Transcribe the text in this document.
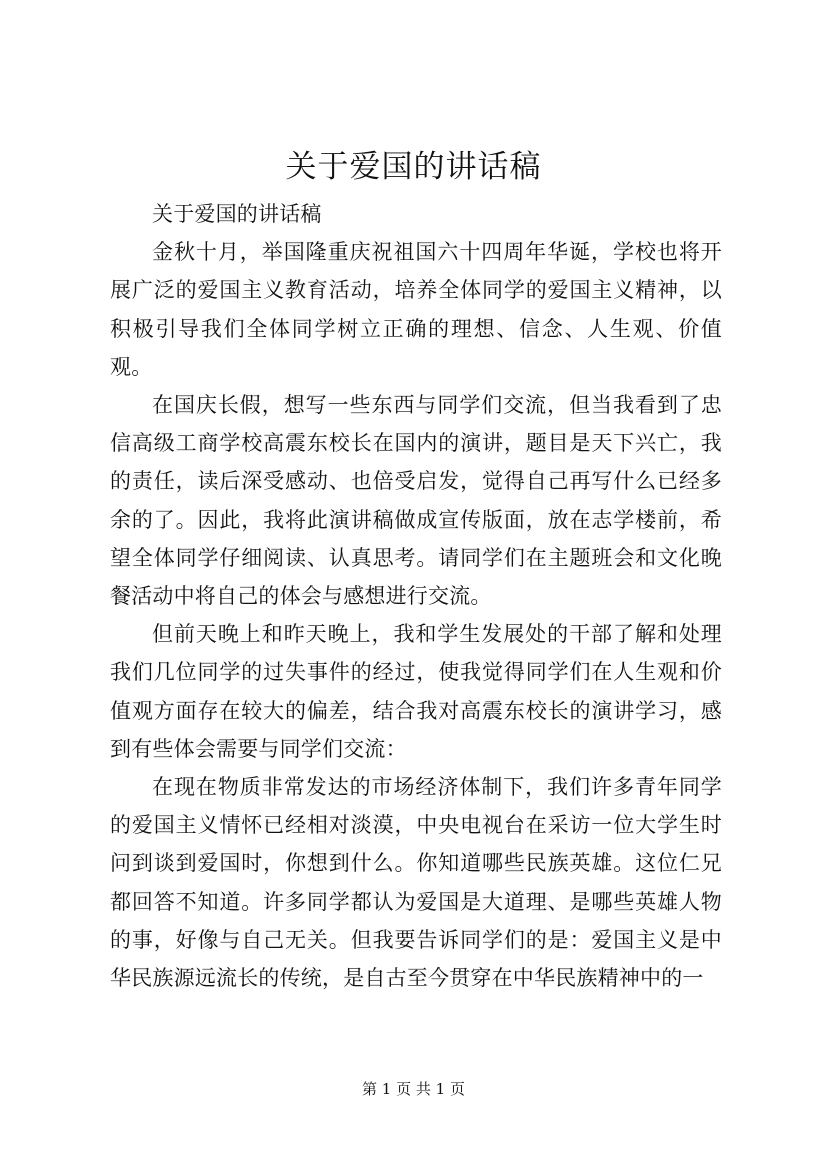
关于爱国的讲话稿

关于爱国的讲话稿

金秋十月，举国隆重庆祝祖国六十四周年华诞，学校也将开展广泛的爱国主义教育活动，培养全体同学的爱国主义精神，以积极引导我们全体同学树立正确的理想、信念、人生观、价值观。

在国庆长假，想写一些东西与同学们交流，但当我看到了忠信高级工商学校高震东校长在国内的演讲，题目是天下兴亡，我的责任，读后深受感动、也倍受启发，觉得自己再写什么已经多余的了。因此，我将此演讲稿做成宣传版面，放在志学楼前，希望全体同学仔细阅读、认真思考。请同学们在主题班会和文化晚餐活动中将自己的体会与感想进行交流。

但前天晚上和昨天晚上，我和学生发展处的干部了解和处理我们几位同学的过失事件的经过，使我觉得同学们在人生观和价值观方面存在较大的偏差，结合我对高震东校长的演讲学习，感到有些体会需要与同学们交流：

在现在物质非常发达的市场经济体制下，我们许多青年同学的爱国主义情怀已经相对淡漠，中央电视台在采访一位大学生时问到谈到爱国时，你想到什么。你知道哪些民族英雄。这位仁兄都回答不知道。许多同学都认为爱国是大道理、是哪些英雄人物的事，好像与自己无关。但我要告诉同学们的是：爱国主义是中华民族源远流长的传统，是自古至今贯穿在中华民族精神中的一

第 1 页 共 1 页
